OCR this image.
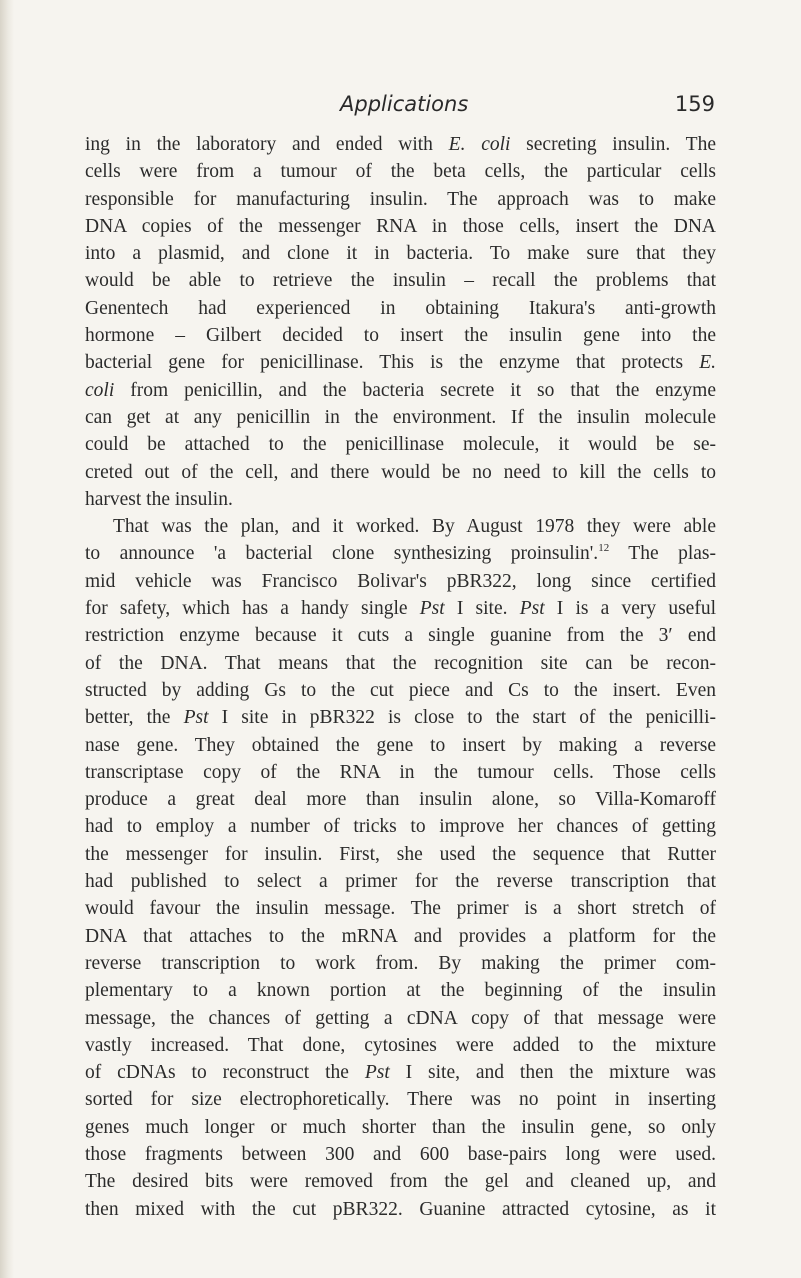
Applications	159
ing in the laboratory and ended with E. coli secreting insulin. The
cells were from a tumour of the beta cells, the particular cells
responsible for manufacturing insulin. The approach was to make
DNA copies of the messenger RNA in those cells, insert the DNA
into a plasmid, and clone it in bacteria. To make sure that they
would be able to retrieve the insulin – recall the problems that
Genentech had experienced in obtaining Itakura's anti-growth
hormone – Gilbert decided to insert the insulin gene into the
bacterial gene for penicillinase. This is the enzyme that protects E.
coli from penicillin, and the bacteria secrete it so that the enzyme
can get at any penicillin in the environment. If the insulin molecule
could be attached to the penicillinase molecule, it would be se-
creted out of the cell, and there would be no need to kill the cells to
harvest the insulin.
That was the plan, and it worked. By August 1978 they were able
to announce 'a bacterial clone synthesizing proinsulin'.$^{12}$ The plas-
mid vehicle was Francisco Bolivar's pBR322, long since certified
for safety, which has a handy single Pst I site. Pst I is a very useful
restriction enzyme because it cuts a single guanine from the 3′ end
of the DNA. That means that the recognition site can be recon-
structed by adding Gs to the cut piece and Cs to the insert. Even
better, the Pst I site in pBR322 is close to the start of the penicilli-
nase gene. They obtained the gene to insert by making a reverse
transcriptase copy of the RNA in the tumour cells. Those cells
produce a great deal more than insulin alone, so Villa-Komaroff
had to employ a number of tricks to improve her chances of getting
the messenger for insulin. First, she used the sequence that Rutter
had published to select a primer for the reverse transcription that
would favour the insulin message. The primer is a short stretch of
DNA that attaches to the mRNA and provides a platform for the
reverse transcription to work from. By making the primer com-
plementary to a known portion at the beginning of the insulin
message, the chances of getting a cDNA copy of that message were
vastly increased. That done, cytosines were added to the mixture
of cDNAs to reconstruct the Pst I site, and then the mixture was
sorted for size electrophoretically. There was no point in inserting
genes much longer or much shorter than the insulin gene, so only
those fragments between 300 and 600 base-pairs long were used.
The desired bits were removed from the gel and cleaned up, and
then mixed with the cut pBR322. Guanine attracted cytosine, as it
